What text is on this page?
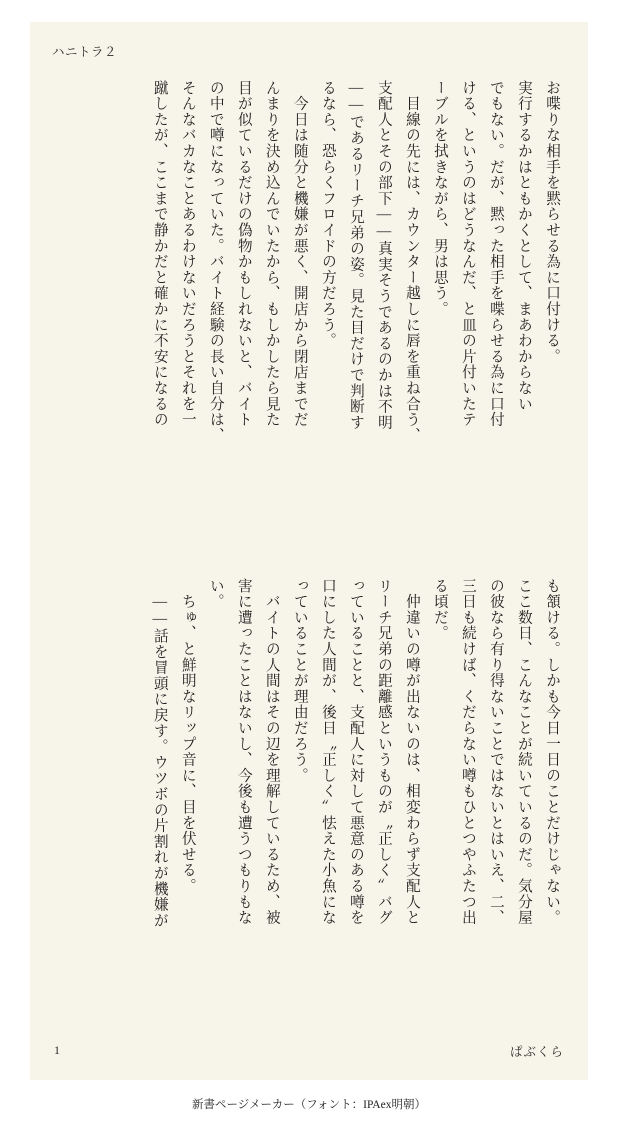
ハニトラ２

お喋りな相手を黙らせる為に口付ける。

実行するかはともかくとして、まあわからない

でもない。だが、黙った相手を喋らせる為に口付

ける、というのはどうなんだ、と皿の片付いたテ

ーブルを拭きながら、男は思う。

　目線の先には、カウンター越しに唇を重ね合う、

支配人とその部下――真実そうであるのかは不明

――であるリーチ兄弟の姿。見た目だけで判断す

るなら、恐らくフロイドの方だろう。

　今日は随分と機嫌が悪く、開店から閉店までだ

んまりを決め込んでいたから、もしかしたら見た

目が似ているだけの偽物かもしれないと、バイト

の中で噂になっていた。バイト経験の長い自分は、

そんなバカなことあるわけないだろうとそれを一

蹴したが、ここまで静かだと確かに不安になるの

も頷ける。しかも今日一日のことだけじゃない。

ここ数日、こんなことが続いているのだ。気分屋

の彼なら有り得ないことではないとはいえ、二、

三日も続けば、くだらない噂もひとつやふたつ出

る頃だ。

　仲違いの噂が出ないのは、相変わらず支配人と

リーチ兄弟の距離感というものが〝正しく〟バグ

っていることと、支配人に対して悪意のある噂を

口にした人間が、後日〝正しく〟怯えた小魚にな

っていることが理由だろう。

　バイトの人間はその辺を理解しているため、被

害に遭ったことはないし、今後も遭うつもりもな

い。

　ちゅ、と鮮明なリップ音に、目を伏せる。

　――話を冒頭に戻す。ウツボの片割れが機嫌が

1	ぱぶくら
新書ページメーカー（フォント：IPAex明朝）
